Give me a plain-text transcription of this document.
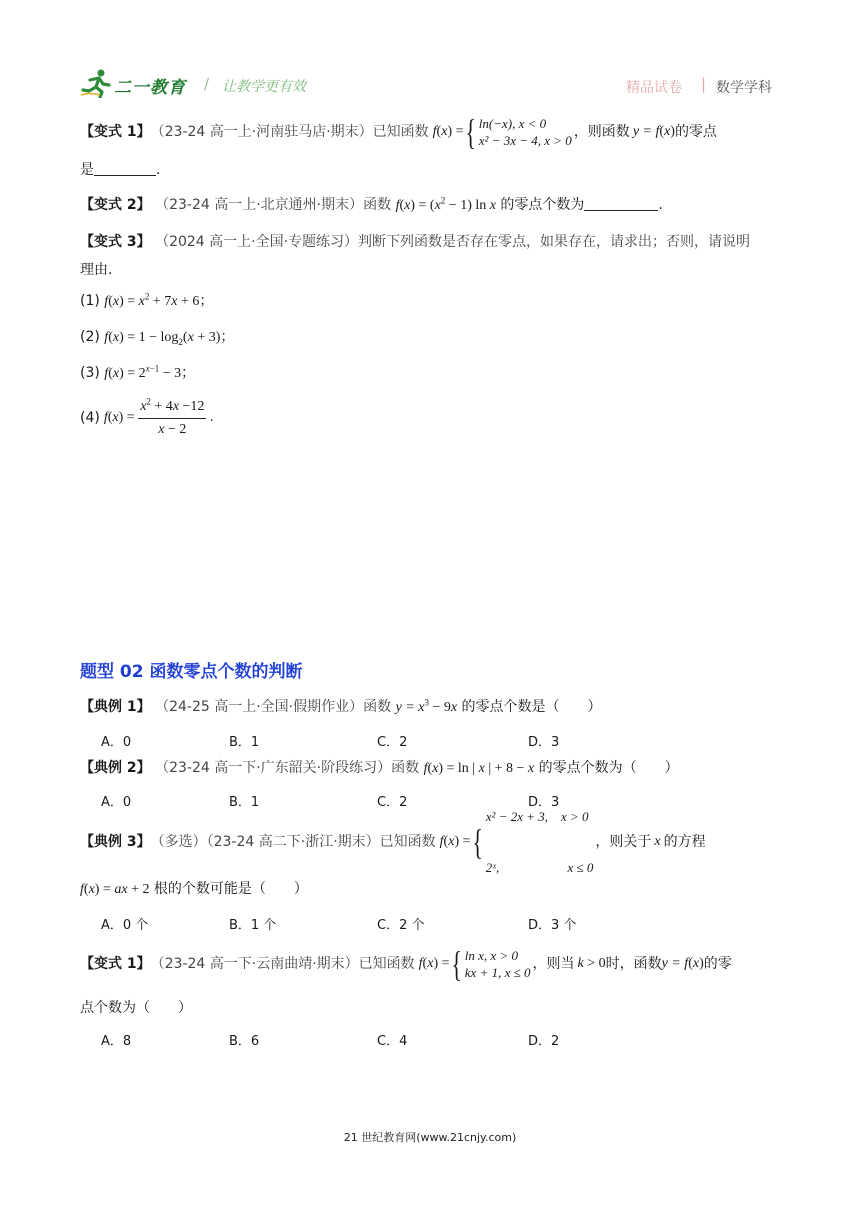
二一教育 / 让教学更有效	精品试卷 | 数学学科
【变式 1】 （23-24 高一上·河南驻马店·期末）已知函数 f (x) = { ln(−x), x < 0
x² − 3x − 4, x > 0
，则函数 y = f (x) 的零点
是	.
【变式 2】 （23-24 高一上·北京通州·期末）函数 $f(x) = (x^2 - 1)$ ln x 的零点个数为	.
【变式 3】 （2024 高一上·全国·专题练习）判断下列函数是否存在零点，如果存在，请求出；否则，请说明
理由.
(1) $f(x) = x^2 + 7x + 6$；
(2) $f(x) = 1 - \log_2(x + 3)$；
(3) $f(x) = 2^{x-1} - 3$；
(4) f $(x) = \frac{x^2 + 4x -12}{x - 2}$ .
题型 02 函数零点个数的判断
【典例 1】 （24-25 高一上·全国·假期作业）函数 $y = x^3 - 9x$ 的零点个数是（　　）
A．0	B．1	C．2	D．3
【典例 2】 （23-24 高一下·广东韶关·阶段练习）函数 f(x) = ln | x | + 8 − x 的零点个数为（　　）
A．0	B．1	C．2	D．3
【典例 3】 （多选）（23-24 高二下·浙江·期末）已知函数 f (x) = {

x² − 2x + 3,    x > 0

2ˣ,                     x ≤ 0

，则关于 x 的方程
f(x) = ax + 2 根的个数可能是（　　）
A．0 个	B．1 个	C．2 个	D．3 个
【变式 1】 （23-24 高一下·云南曲靖·期末）已知函数 f (x) = { ln x, x > 0
kx + 1, x ≤ 0
，则当 k > 0 时，函数 y = f (x) 的零
点个数为（　　）
A．8	B．6	C．4	D．2
21 世纪教育网(www.21cnjy.com)
